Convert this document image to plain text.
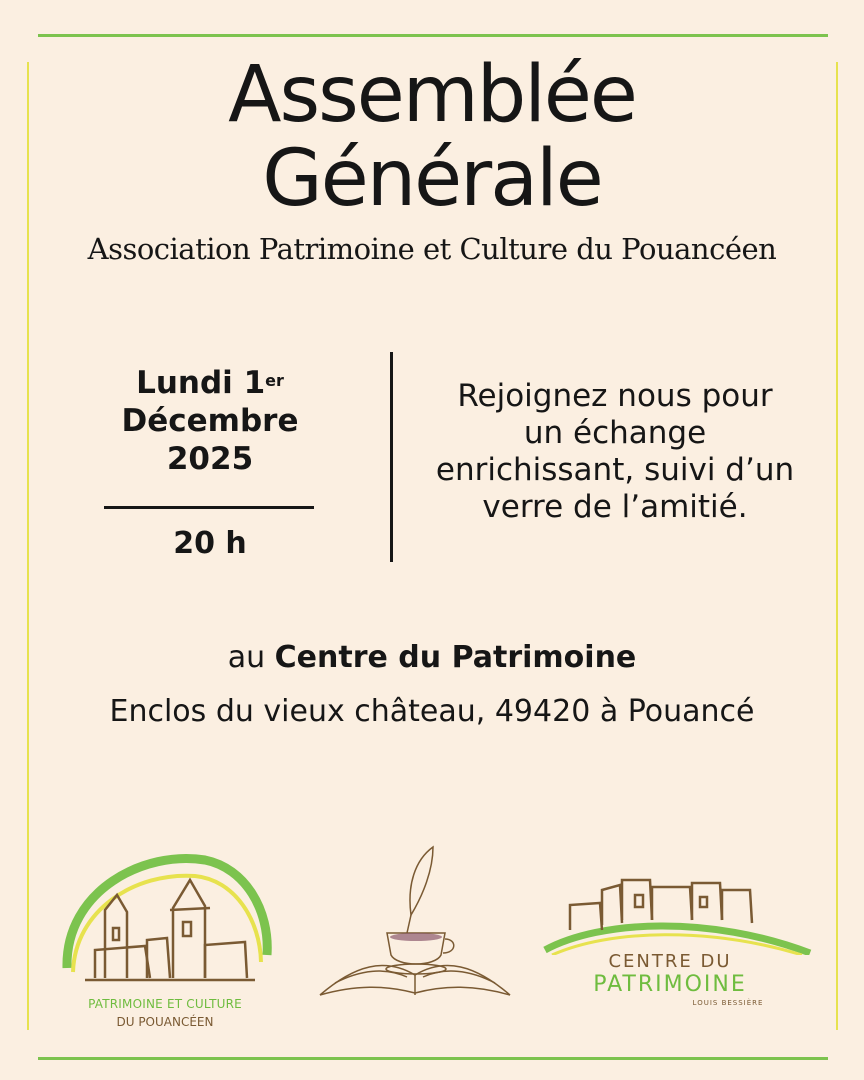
Assemblée
Générale
Association Patrimoine et Culture du Pouancéen
Lundi 1er
Décembre
2025
20 h
Rejoignez nous pour
un échange
enrichissant, suivi d’un
verre de l’amitié.
au Centre du Patrimoine
Enclos du vieux château, 49420 à Pouancé
PATRIMOINE ET CULTURE
DU POUANCÉEN
CENTRE DU
PATRIMOINE
LOUIS BESSIÈRE
